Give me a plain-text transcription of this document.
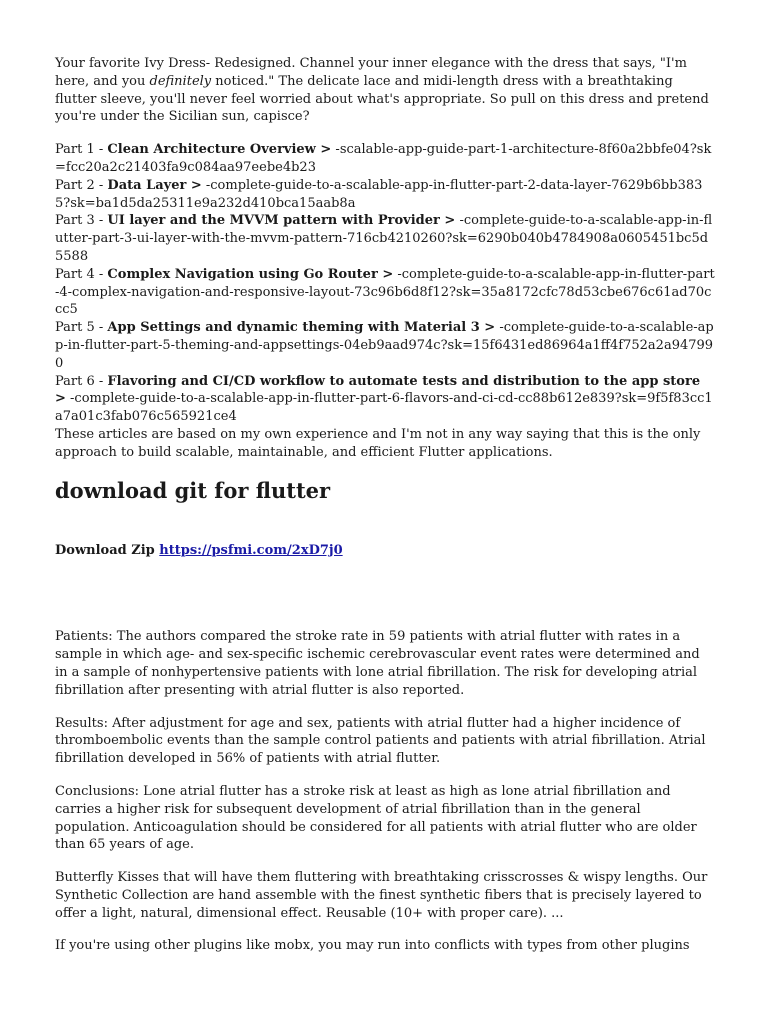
Your favorite Ivy Dress- Redesigned. Channel your inner elegance with the dress that says, "I'm here, and you definitely noticed." The delicate lace and midi-length dress with a breathtaking flutter sleeve, you'll never feel worried about what's appropriate. So pull on this dress and pretend you're under the Sicilian sun, capisce?

Part 1 - Clean Architecture Overview > -scalable-app-guide-part-1-architecture-8f60a2bbfe04?sk=fcc20a2c21403fa9c084aa97eebe4b23
Part 2 - Data Layer > -complete-guide-to-a-scalable-app-in-flutter-part-2-data-layer-7629b6bb3835?sk=ba1d5da25311e9a232d410bca15aab8a
Part 3 - UI layer and the MVVM pattern with Provider > -complete-guide-to-a-scalable-app-in-flutter-part-3-ui-layer-with-the-mvvm-pattern-716cb4210260?sk=6290b040b4784908a0605451bc5d5588
Part 4 - Complex Navigation using Go Router > -complete-guide-to-a-scalable-app-in-flutter-part-4-complex-navigation-and-responsive-layout-73c96b6d8f12?sk=35a8172cfc78d53cbe676c61ad70ccc5
Part 5 - App Settings and dynamic theming with Material 3 > -complete-guide-to-a-scalable-app-in-flutter-part-5-theming-and-appsettings-04eb9aad974c?sk=15f6431ed86964a1ff4f752a2a947990
Part 6 - Flavoring and CI/CD workflow to automate tests and distribution to the app store > -complete-guide-to-a-scalable-app-in-flutter-part-6-flavors-and-ci-cd-cc88b612e839?sk=9f5f83cc1a7a01c3fab076c565921ce4

These articles are based on my own experience and I'm not in any way saying that this is the only approach to build scalable, maintainable, and efficient Flutter applications.

download git for flutter

Download Zip https://psfmi.com/2xD7j0

Patients: The authors compared the stroke rate in 59 patients with atrial flutter with rates in a sample in which age- and sex-specific ischemic cerebrovascular event rates were determined and in a sample of nonhypertensive patients with lone atrial fibrillation. The risk for developing atrial fibrillation after presenting with atrial flutter is also reported.

Results: After adjustment for age and sex, patients with atrial flutter had a higher incidence of thromboembolic events than the sample control patients and patients with atrial fibrillation. Atrial fibrillation developed in 56% of patients with atrial flutter.

Conclusions: Lone atrial flutter has a stroke risk at least as high as lone atrial fibrillation and carries a higher risk for subsequent development of atrial fibrillation than in the general population. Anticoagulation should be considered for all patients with atrial flutter who are older than 65 years of age.

Butterfly Kisses that will have them fluttering with breathtaking crisscrosses & wispy lengths. Our Synthetic Collection are hand assemble with the finest synthetic fibers that is precisely layered to offer a light, natural, dimensional effect. Reusable (10+ with proper care). ...

If you're using other plugins like mobx, you may run into conflicts with types from other plugins
